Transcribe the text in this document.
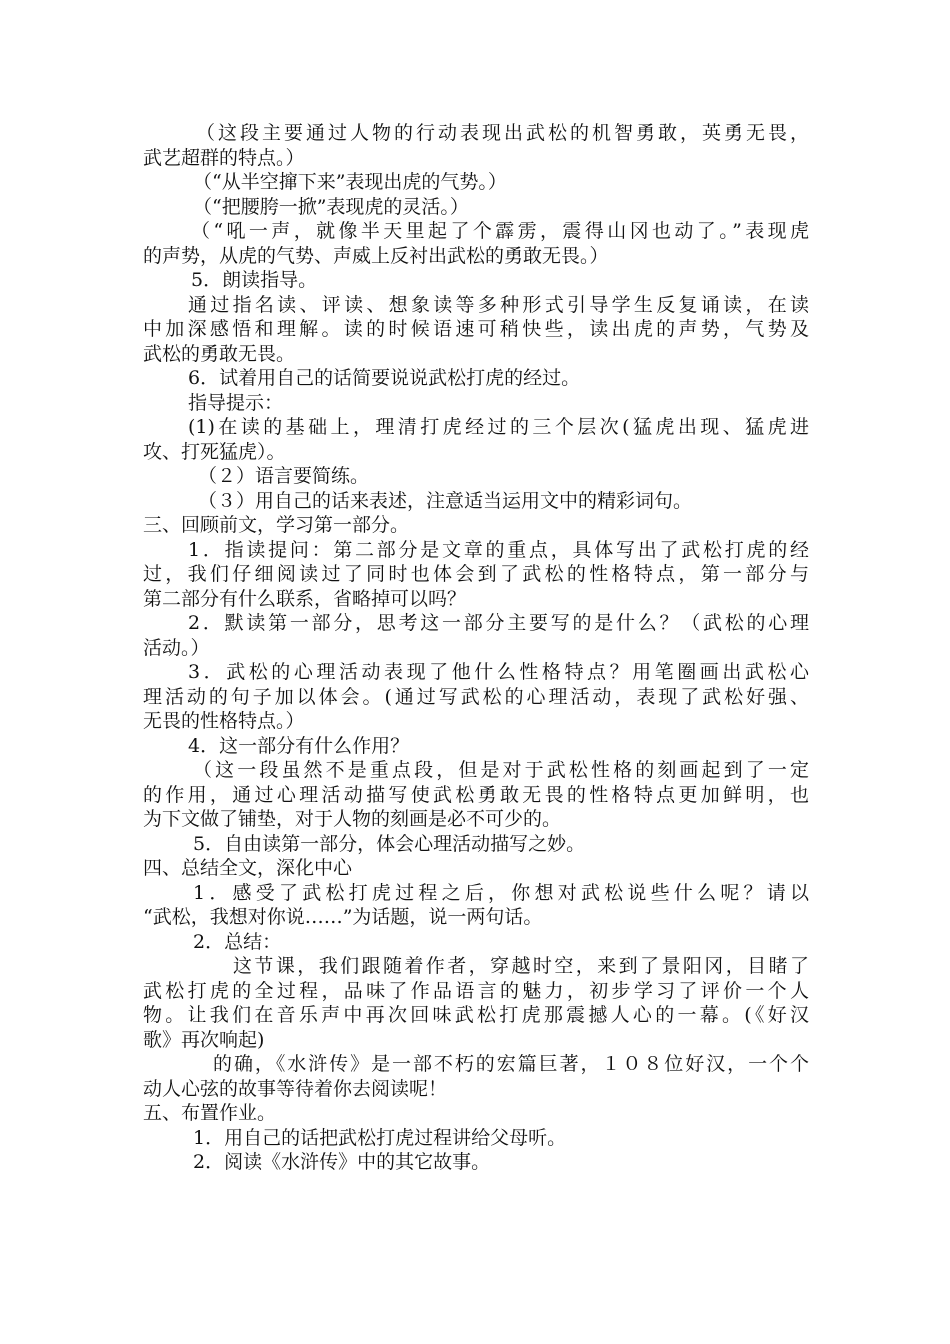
（这段主要通过人物的行动表现出武松的机智勇敢，英勇无畏，
武艺超群的特点。）
（“从半空撺下来”表现出虎的气势。）
（“把腰胯一掀”表现虎的灵活。）
（“吼一声，就像半天里起了个霹雳，震得山冈也动了。”表现虎
的声势，从虎的气势、声威上反衬出武松的勇敢无畏。）
5．朗读指导。
通过指名读、评读、想象读等多种形式引导学生反复诵读，在读
中加深感悟和理解。读的时候语速可稍快些，读出虎的声势，气势及
武松的勇敢无畏。
6．试着用自己的话简要说说武松打虎的经过。
指导提示：
(1)在读的基础上，理清打虎经过的三个层次(猛虎出现、猛虎进
攻、打死猛虎）。
（２）语言要简练。
（３）用自己的话来表述，注意适当运用文中的精彩词句。
三、回顾前文，学习第一部分。
1．指读提问：第二部分是文章的重点，具体写出了武松打虎的经
过，我们仔细阅读过了同时也体会到了武松的性格特点，第一部分与
第二部分有什么联系，省略掉可以吗？
2．默读第一部分，思考这一部分主要写的是什么？（武松的心理
活动。）
3．武松的心理活动表现了他什么性格特点？用笔圈画出武松心
理活动的句子加以体会。(通过写武松的心理活动，表现了武松好强、
无畏的性格特点。）
4．这一部分有什么作用？
（这一段虽然不是重点段，但是对于武松性格的刻画起到了一定
的作用，通过心理活动描写使武松勇敢无畏的性格特点更加鲜明，也
为下文做了铺垫，对于人物的刻画是必不可少的。
5．自由读第一部分，体会心理活动描写之妙。
四、总结全文，深化中心
1．感受了武松打虎过程之后，你想对武松说些什么呢？请以
“武松，我想对你说……”为话题，说一两句话。
2．总结：
这节课，我们跟随着作者，穿越时空，来到了景阳冈，目睹了
武松打虎的全过程，品味了作品语言的魅力，初步学习了评价一个人
物。让我们在音乐声中再次回味武松打虎那震撼人心的一幕。(《好汉
歌》再次响起)
的确，《水浒传》是一部不朽的宏篇巨著，１０８位好汉，一个个
动人心弦的故事等待着你去阅读呢！
五、布置作业。
1．用自己的话把武松打虎过程讲给父母听。
2．阅读《水浒传》中的其它故事。
